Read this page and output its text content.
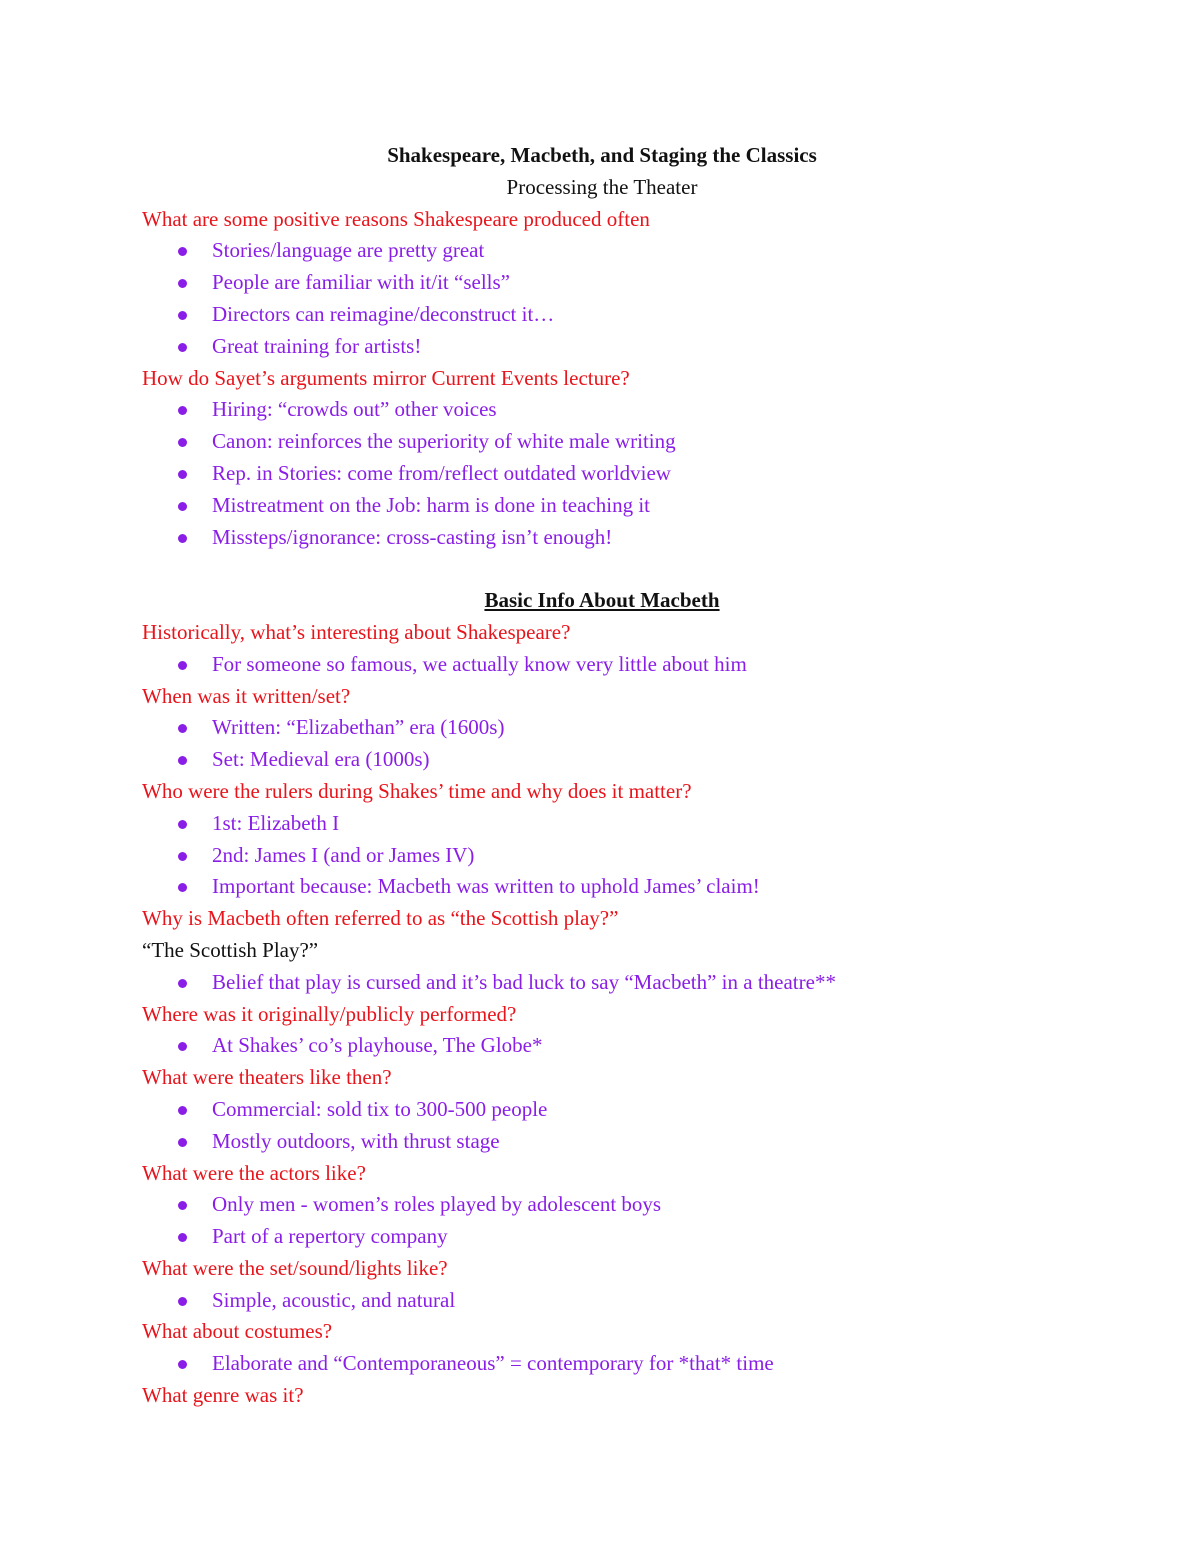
Shakespeare, Macbeth, and Staging the Classics
Processing the Theater
What are some positive reasons Shakespeare produced often
Stories/language are pretty great
People are familiar with it/it “sells”
Directors can reimagine/deconstruct it…
Great training for artists!
How do Sayet’s arguments mirror Current Events lecture?
Hiring: “crowds out” other voices
Canon: reinforces the superiority of white male writing
Rep. in Stories: come from/reflect outdated worldview
Mistreatment on the Job: harm is done in teaching it
Missteps/ignorance: cross-casting isn’t enough!
Basic Info About Macbeth
Historically, what’s interesting about Shakespeare?
For someone so famous, we actually know very little about him
When was it written/set?
Written: “Elizabethan” era (1600s)
Set: Medieval era (1000s)
Who were the rulers during Shakes’ time and why does it matter?
1st: Elizabeth I
2nd: James I (and or James IV)
Important because: Macbeth was written to uphold James’ claim!
Why is Macbeth often referred to as “the Scottish play?”
“The Scottish Play?”
Belief that play is cursed and it’s bad luck to say “Macbeth” in a theatre**
Where was it originally/publicly performed?
At Shakes’ co’s playhouse, The Globe*
What were theaters like then?
Commercial: sold tix to 300-500 people
Mostly outdoors, with thrust stage
What were the actors like?
Only men - women’s roles played by adolescent boys
Part of a repertory company
What were the set/sound/lights like?
Simple, acoustic, and natural
What about costumes?
Elaborate and “Contemporaneous” = contemporary for *that* time
What genre was it?
